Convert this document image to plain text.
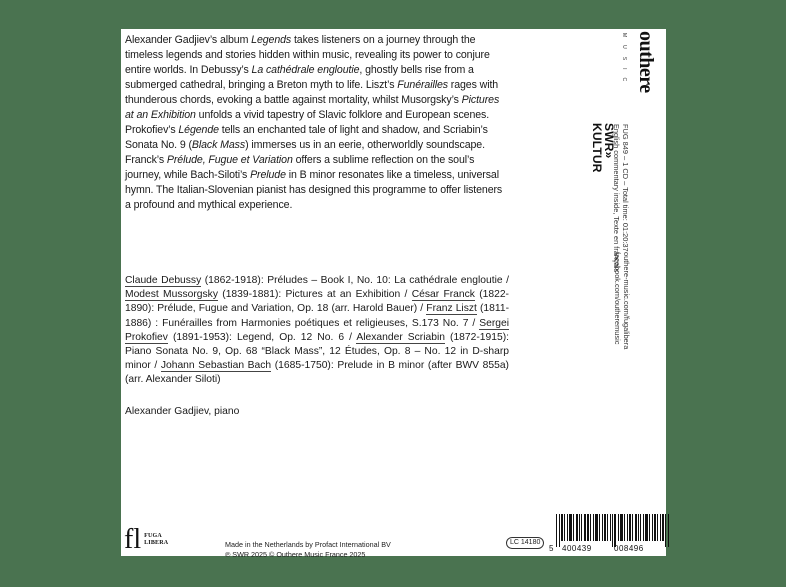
Alexander Gadjiev’s album Legends takes listeners on a journey through the timeless legends and stories hidden within music, revealing its power to conjure entire worlds. In Debussy’s La cathédrale engloutie, ghostly bells rise from a submerged cathedral, bringing a Breton myth to life. Liszt’s Funérailles rages with thunderous chords, evoking a battle against mortality, whilst Musorgsky’s Pictures at an Exhibition unfolds a vivid tapestry of Slavic folklore and European scenes. Prokofiev’s Légende tells an enchanted tale of light and shadow, and Scriabin’s Sonata No. 9 (Black Mass) immerses us in an eerie, otherworldly soundscape. Franck’s Prélude, Fugue et Variation offers a sublime reflection on the soul’s journey, while Bach-Siloti’s Prelude in B minor resonates like a timeless, universal hymn. The Italian-Slovenian pianist has designed this programme to offer listeners a profound and mythical experience.
Claude Debussy (1862-1918): Préludes – Book I, No. 10: La cathédrale engloutie / Modest Mussorgsky (1839-1881): Pictures at an Exhibition / César Franck (1822-1890): Prélude, Fugue and Variation, Op. 18 (arr. Harold Bauer) / Franz Liszt (1811-1886) : Funérailles from Harmonies poétiques et religieuses, S.173 No. 7 / Sergei Prokofiev (1891-1953): Legend, Op. 12 No. 6 / Alexander Scriabin (1872-1915): Piano Sonata No. 9, Op. 68 “Black Mass”, 12 Études, Op. 8 – No. 12 in D-sharp minor / Johann Sebastian Bach (1685-1750): Prelude in B minor (after BWV 855a) (arr. Alexander Siloti)
Alexander Gadjiev, piano
outhere
MUSIC
SWR»
KULTUR FUG 849 – 1 CD – Total time: 01:20:37
English commentary inside, Texte en français
outhere-music.com/fugalibera
facebook.com/outheremusic
fl FUGA
LIBERA	Made in the Netherlands by Profact International BV
℗ SWR 2025 © Outhere Music France 2025
LC 14180
5 400439	008496
